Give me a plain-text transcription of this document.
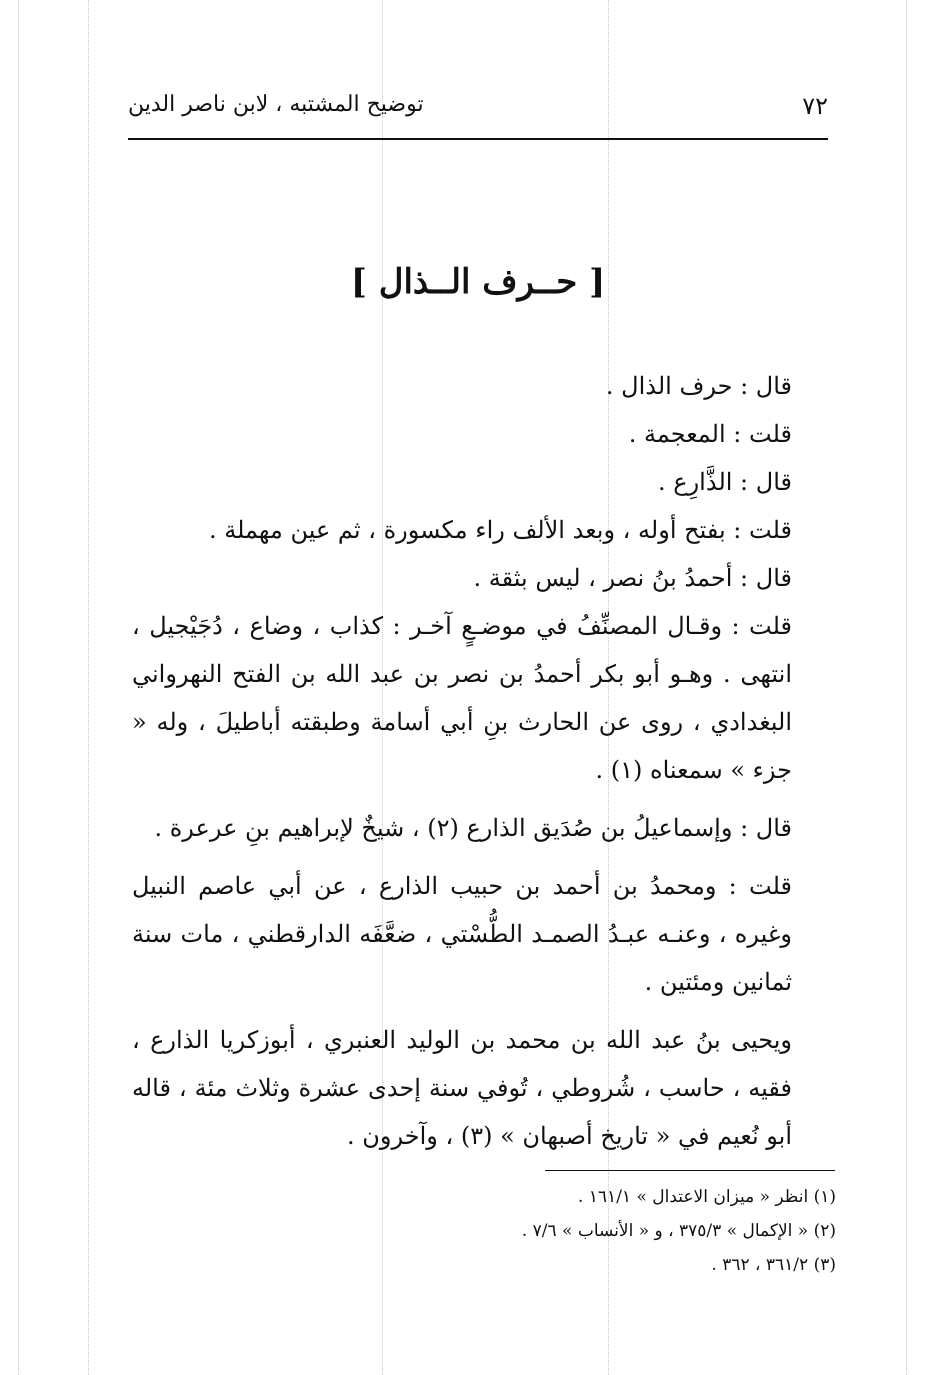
٧٢
توضيح المشتبه ، لابن ناصر الدين
[ حــرف الــذال ]

قال : حرف الذال .

قلت : المعجمة .

قال : الذَّارِع .

قلت : بفتح أوله ، وبعد الألف راء مكسورة ، ثم عين مهملة .

قال : أحمدُ بنُ نصر ، ليس بثقة .

قلت : وقـال المصنِّفُ في موضـعٍ آخـر : كذاب ، وضاع ، دُجَيْجيل ، انتهى . وهـو أبو بكر أحمدُ بن نصر بن عبد الله بن الفتح النهرواني البغدادي ، روى عن الحارث بنِ أبي أسامة وطبقته أباطيلَ ، وله « جزء » سمعناه (١) .

قال : وإسماعيلُ بن صُدَيق الذارع (٢) ، شيخٌ لإبراهيم بنِ عرعرة .

قلت : ومحمدُ بن أحمد بن حبيب الذارع ، عن أبي عاصم النبيل وغيره ، وعنـه عبـدُ الصمـد الطُّسْتي ، ضعَّفَه الدارقطني ، مات سنة ثمانين ومئتين .

ويحيى بنُ عبد الله بن محمد بن الوليد العنبري ، أبوزكريا الذارع ، فقيه ، حاسب ، شُروطي ، تُوفي سنة إحدى عشرة وثلاث مئة ، قاله أبو نُعيم في « تاريخ أصبهان » (٣) ، وآخرون .

(١) انظر « ميزان الاعتدال » ١٦١/١ .

(٢) « الإكمال » ٣٧٥/٣ ، و « الأنساب » ٧/٦ .

(٣) ٣٦١/٢ ، ٣٦٢ .
